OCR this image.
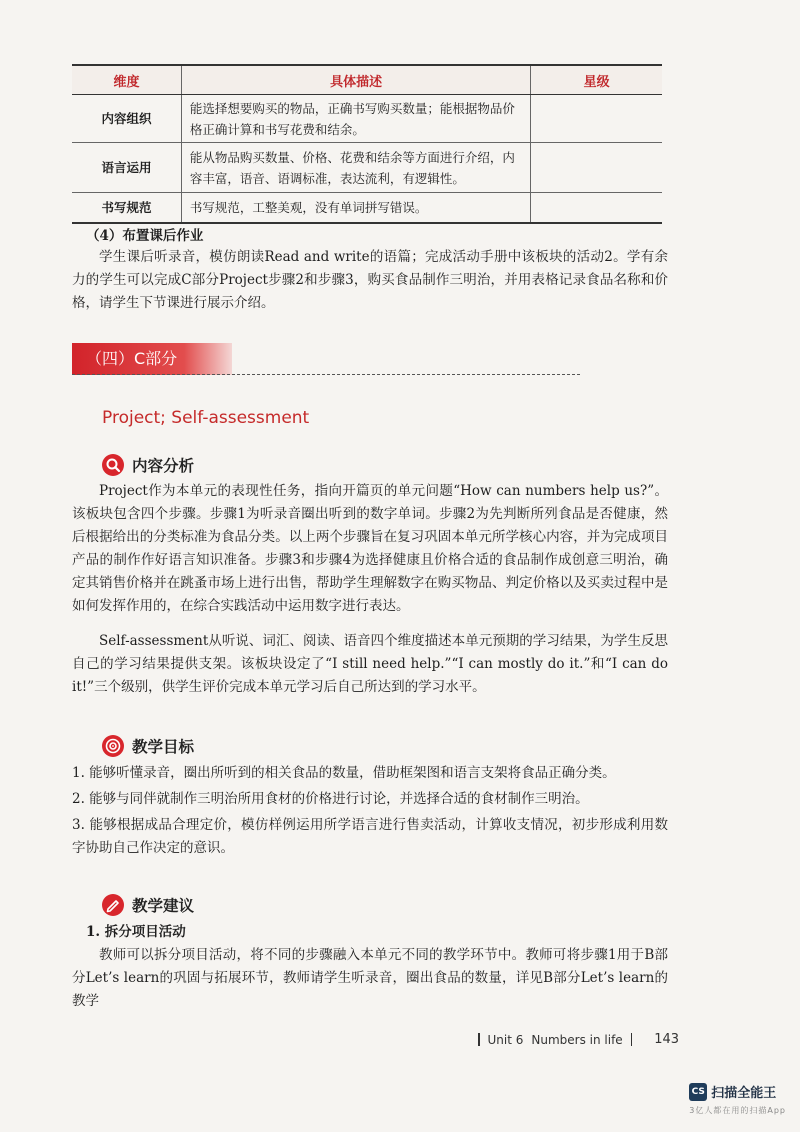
维度	具体描述	星级
内容组织	能选择想要购买的物品，正确书写购买数量；能根据物品价格正确计算和书写花费和结余。	
语言运用	能从物品购买数量、价格、花费和结余等方面进行介绍，内容丰富，语音、语调标准，表达流利，有逻辑性。	
书写规范	书写规范，工整美观，没有单词拼写错误。	
（4）布置课后作业

学生课后听录音，模仿朗读Read and write的语篇；完成活动手册中该板块的活动2。学有余力的学生可以完成C部分Project步骤2和步骤3，购买食品制作三明治，并用表格记录食品名称和价格，请学生下节课进行展示介绍。

（四）C部分
Project; Self-assessment
内容分析

Project作为本单元的表现性任务，指向开篇页的单元问题“How can numbers help us?”。该板块包含四个步骤。步骤1为听录音圈出听到的数字单词。步骤2为先判断所列食品是否健康，然后根据给出的分类标准为食品分类。以上两个步骤旨在复习巩固本单元所学核心内容，并为完成项目产品的制作作好语言知识准备。步骤3和步骤4为选择健康且价格合适的食品制作成创意三明治，确定其销售价格并在跳蚤市场上进行出售，帮助学生理解数字在购买物品、判定价格以及买卖过程中是如何发挥作用的，在综合实践活动中运用数字进行表达。

Self-assessment从听说、词汇、阅读、语音四个维度描述本单元预期的学习结果，为学生反思自己的学习结果提供支架。该板块设定了“I still need help.”“I can mostly do it.”和“I can do it!”三个级别，供学生评价完成本单元学习后自己所达到的学习水平。

教学目标

1. 能够听懂录音，圈出所听到的相关食品的数量，借助框架图和语言支架将食品正确分类。

2. 能够与同伴就制作三明治所用食材的价格进行讨论，并选择合适的食材制作三明治。

3. 能够根据成品合理定价，模仿样例运用所学语言进行售卖活动，计算收支情况，初步形成利用数字协助自己作决定的意识。

教学建议
1. 拆分项目活动

教师可以拆分项目活动，将不同的步骤融入本单元不同的教学环节中。教师可将步骤1用于B部分Let’s learn的巩固与拓展环节，教师请学生听录音，圈出食品的数量，详见B部分Let’s learn的教学

Unit 6 Numbers in life 143
CS 扫描全能王
3亿人都在用的扫描App
